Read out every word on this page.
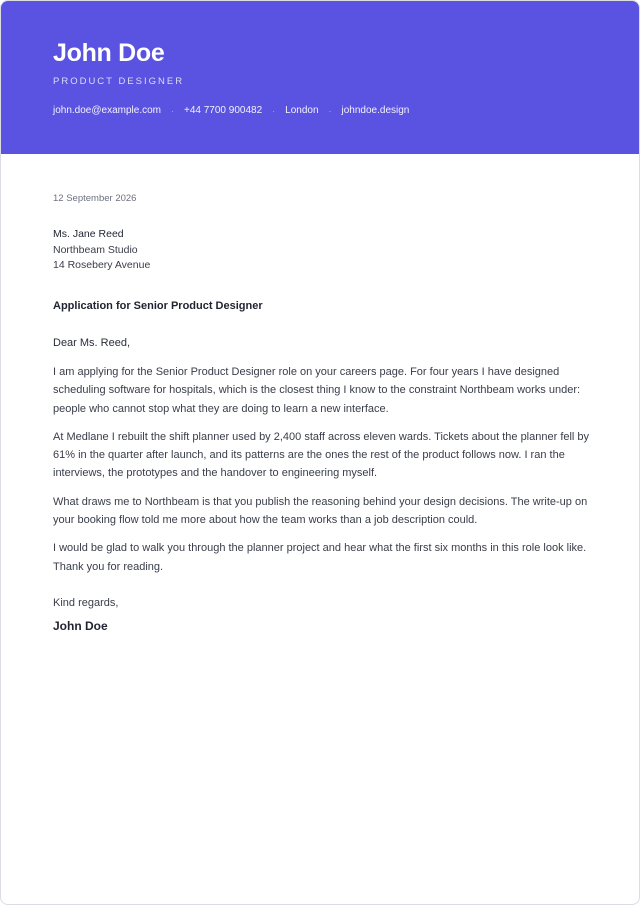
John Doe
PRODUCT DESIGNER
john.doe@example.com · +44 7700 900482 · London · johndoe.design
12 September 2026
Ms. Jane Reed
Northbeam Studio
14 Rosebery Avenue
Application for Senior Product Designer
Dear Ms. Reed,

I am applying for the Senior Product Designer role on your careers page. For four years I have designed scheduling software for hospitals, which is the closest thing I know to the constraint Northbeam works under: people who cannot stop what they are doing to learn a new interface.

At Medlane I rebuilt the shift planner used by 2,400 staff across eleven wards. Tickets about the planner fell by 61% in the quarter after launch, and its patterns are the ones the rest of the product follows now. I ran the interviews, the prototypes and the handover to engineering myself.

What draws me to Northbeam is that you publish the reasoning behind your design decisions. The write-up on your booking flow told me more about how the team works than a job description could.

I would be glad to walk you through the planner project and hear what the first six months in this role look like. Thank you for reading.

Kind regards,
John Doe
